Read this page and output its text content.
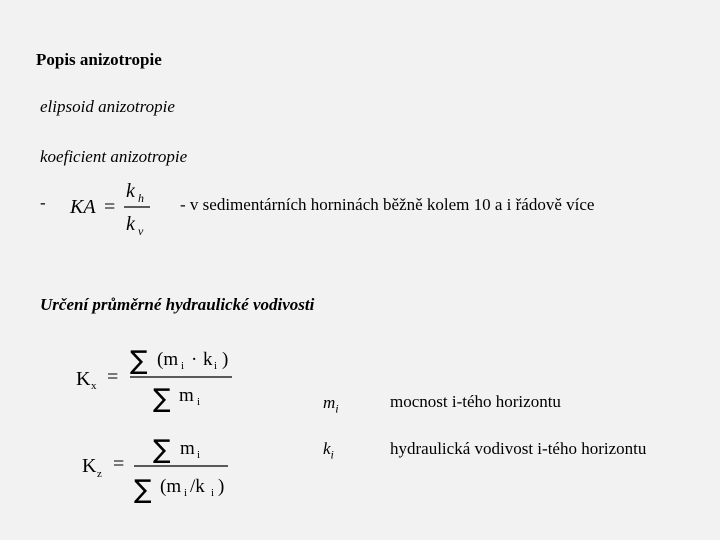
Popis anizotropie
elipsoid anizotropie
koeficient anizotropie
- KA =
k h
k v
- v sedimentárních horninách běžně kolem 10 a i řádově více
Určení průměrné hydraulické vodivosti
K x =
∑ (m i · k i )
∑ m i
K z = ∑ m i
∑ (m i /k i )
$m_i$	mocnost i-tého horizontu
$k_i$	hydraulická vodivost i-tého horizontu
